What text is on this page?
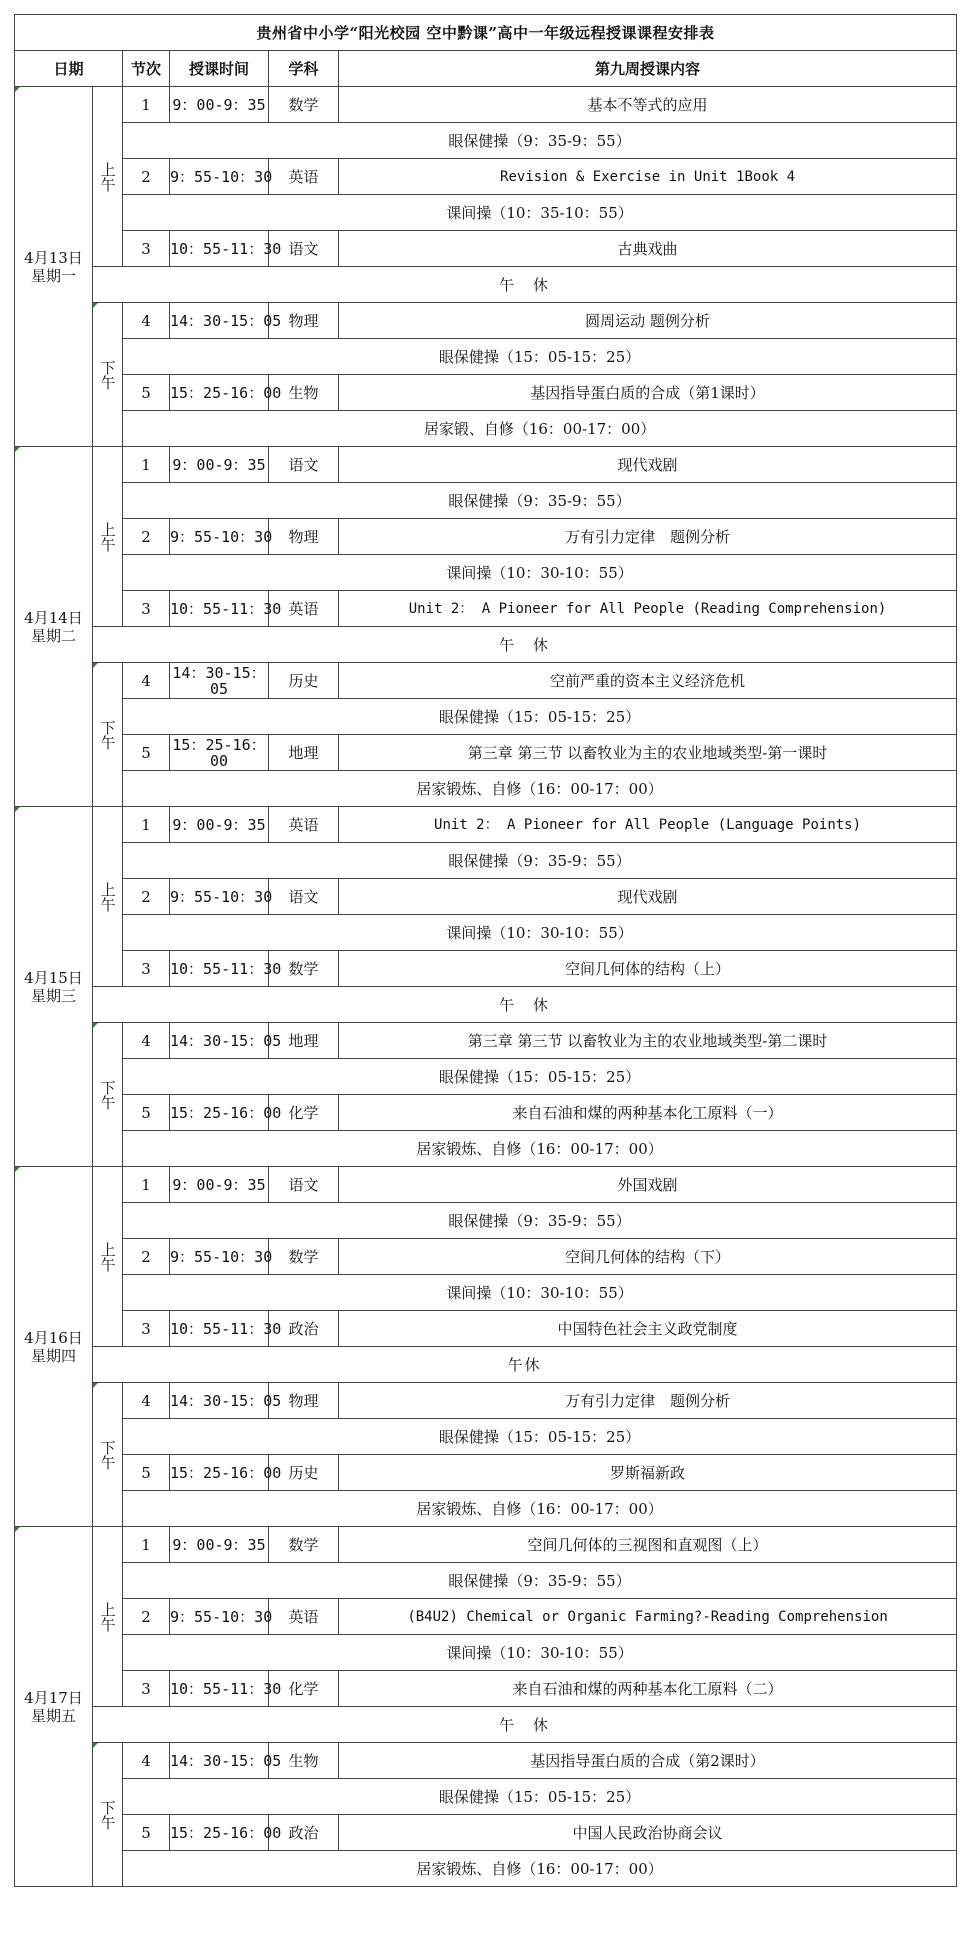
贵州省中小学“阳光校园 空中黔课”高中一年级远程授课课程安排表					
日期		节次	授课时间	学科	第九周授课内容

4月13日
星期一	上午	1	9：00-9：35	数学	基本不等式的应用
		眼保健操（9：35-9：55）			
		2	9：55-10：30	英语	Revision & Exercise in Unit 1Book 4
		课间操（10：35-10：55）			
		3	10：55-11：30	语文	古典戏曲
	午　休				
	下午	4	14：30-15：05	物理	圆周运动 题例分析
		眼保健操（15：05-15：25）			
		5	15：25-16：00	生物	基因指导蛋白质的合成（第1课时）
		居家锻、自修（16：00-17：00）			

4月14日
星期二	上午	1	9：00-9：35	语文	现代戏剧
		眼保健操（9：35-9：55）			
		2	9：55-10：30	物理	万有引力定律　题例分析
		课间操（10：30-10：55）			
		3	10：55-11：30	英语	Unit 2： A Pioneer for All People (Reading Comprehension)
	午　休				
	下午	4	14：30-15：05	历史	空前严重的资本主义经济危机
		眼保健操（15：05-15：25）			
		5	15：25-16：00	地理	第三章 第三节 以畜牧业为主的农业地域类型-第一课时
		居家锻炼、自修（16：00-17：00）			

4月15日
星期三	上午	1	9：00-9：35	英语	Unit 2： A Pioneer for All People (Language Points)
		眼保健操（9：35-9：55）			
		2	9：55-10：30	语文	现代戏剧
		课间操（10：30-10：55）			
		3	10：55-11：30	数学	空间几何体的结构（上）
	午　休				
	下午	4	14：30-15：05	地理	第三章 第三节 以畜牧业为主的农业地域类型-第二课时
		眼保健操（15：05-15：25）			
		5	15：25-16：00	化学	来自石油和煤的两种基本化工原料（一）
		居家锻炼、自修（16：00-17：00）			

4月16日
星期四	上午	1	9：00-9：35	语文	外国戏剧
		眼保健操（9：35-9：55）			
		2	9：55-10：30	数学	空间几何体的结构（下）
		课间操（10：30-10：55）			
		3	10：55-11：30	政治	中国特色社会主义政党制度
	午休				
	下午	4	14：30-15：05	物理	万有引力定律　题例分析
		眼保健操（15：05-15：25）			
		5	15：25-16：00	历史	罗斯福新政
		居家锻炼、自修（16：00-17：00）			

4月17日
星期五	上午	1	9：00-9：35	数学	空间几何体的三视图和直观图（上）
		眼保健操（9：35-9：55）			
		2	9：55-10：30	英语	(B4U2) Chemical or Organic Farming?-Reading Comprehension
		课间操（10：30-10：55）			
		3	10：55-11：30	化学	来自石油和煤的两种基本化工原料（二）
	午　休				
	下午	4	14：30-15：05	生物	基因指导蛋白质的合成（第2课时）
		眼保健操（15：05-15：25）			
		5	15：25-16：00	政治	中国人民政治协商会议
		居家锻炼、自修（16：00-17：00）			
